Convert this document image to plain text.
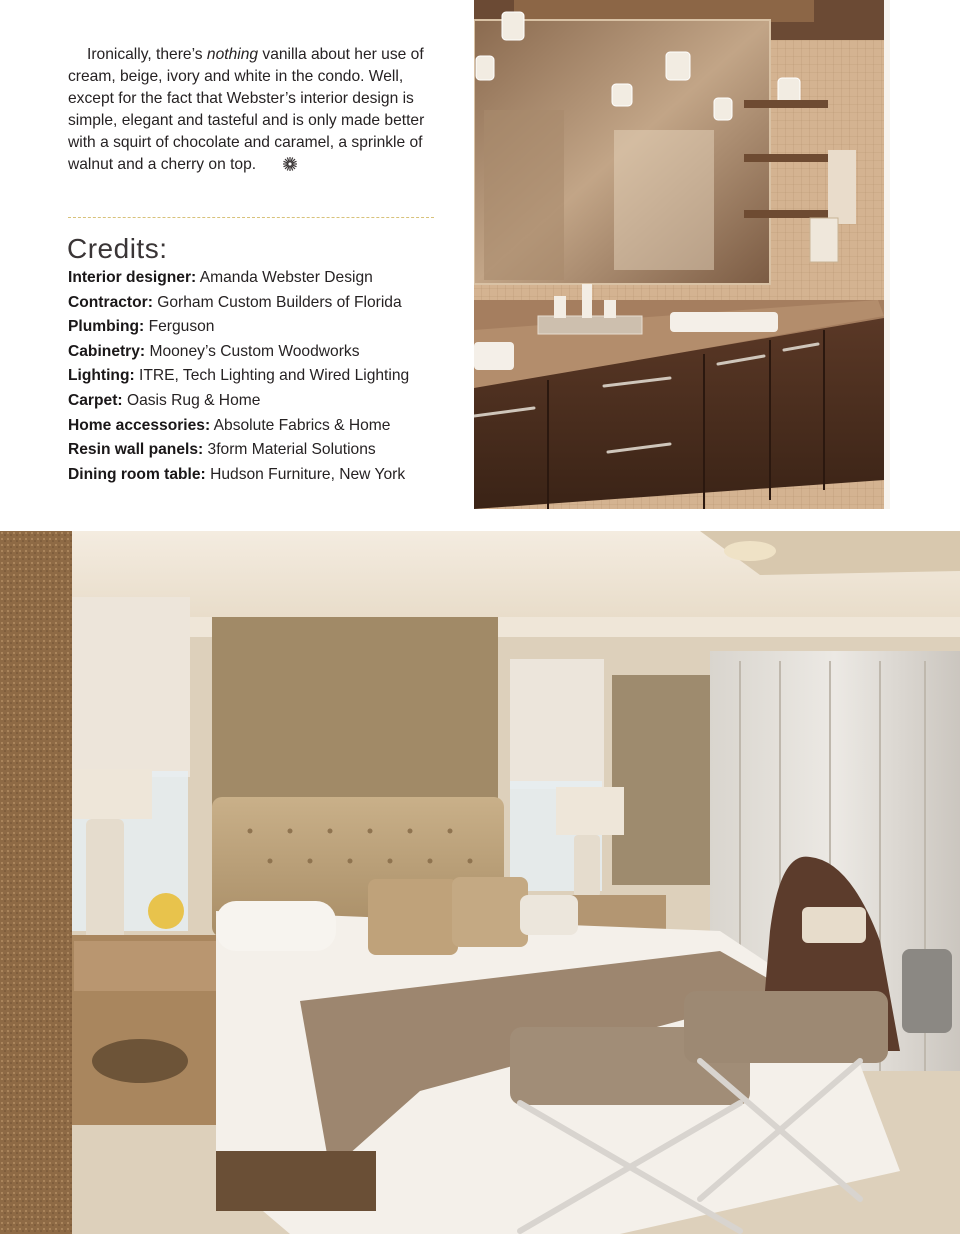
Ironically, there’s nothing vanilla about her use of cream, beige, ivory and white in the condo. Well, except for the fact that Webster’s interior design is simple, elegant and tasteful and is only made better with a squirt of chocolate and caramel, a sprinkle of walnut and a cherry on top.

Credits:
Interior designer: Amanda Webster Design
Contractor: Gorham Custom Builders of Florida
Plumbing: Ferguson
Cabinetry: Mooney’s Custom Woodworks
Lighting: ITRE, Tech Lighting and Wired Lighting
Carpet: Oasis Rug & Home
Home accessories: Absolute Fabrics & Home
Resin wall panels: 3form Material Solutions
Dining room table: Hudson Furniture, New York
